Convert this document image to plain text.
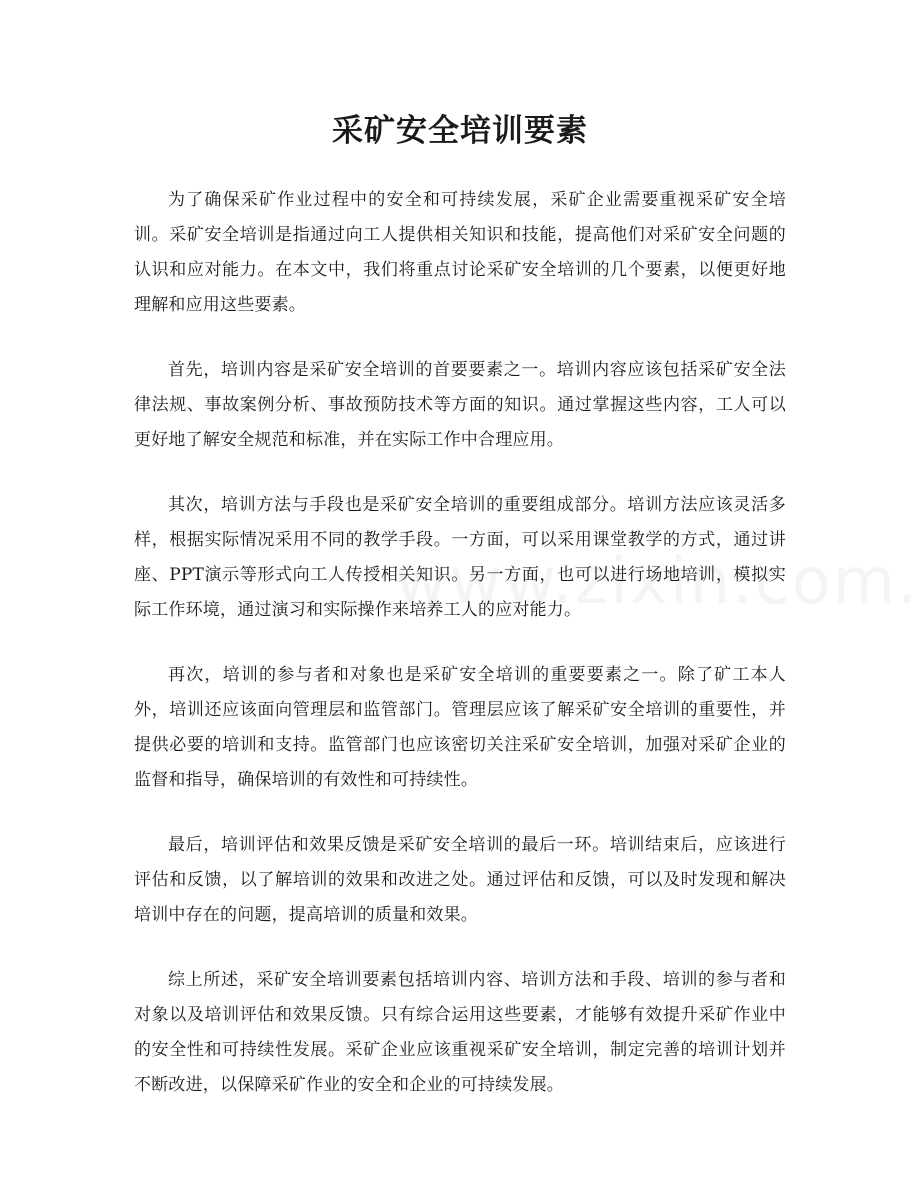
采矿安全培训要素

为了确保采矿作业过程中的安全和可持续发展，采矿企业需要重视采矿安全培训。采矿安全培训是指通过向工人提供相关知识和技能，提高他们对采矿安全问题的认识和应对能力。在本文中，我们将重点讨论采矿安全培训的几个要素，以便更好地理解和应用这些要素。

首先，培训内容是采矿安全培训的首要要素之一。培训内容应该包括采矿安全法律法规、事故案例分析、事故预防技术等方面的知识。通过掌握这些内容，工人可以更好地了解安全规范和标准，并在实际工作中合理应用。

其次，培训方法与手段也是采矿安全培训的重要组成部分。培训方法应该灵活多样，根据实际情况采用不同的教学手段。一方面，可以采用课堂教学的方式，通过讲座、PPT演示等形式向工人传授相关知识。另一方面，也可以进行场地培训，模拟实际工作环境，通过演习和实际操作来培养工人的应对能力。

再次，培训的参与者和对象也是采矿安全培训的重要要素之一。除了矿工本人外，培训还应该面向管理层和监管部门。管理层应该了解采矿安全培训的重要性，并提供必要的培训和支持。监管部门也应该密切关注采矿安全培训，加强对采矿企业的监督和指导，确保培训的有效性和可持续性。

最后，培训评估和效果反馈是采矿安全培训的最后一环。培训结束后，应该进行评估和反馈，以了解培训的效果和改进之处。通过评估和反馈，可以及时发现和解决培训中存在的问题，提高培训的质量和效果。

综上所述，采矿安全培训要素包括培训内容、培训方法和手段、培训的参与者和对象以及培训评估和效果反馈。只有综合运用这些要素，才能够有效提升采矿作业中的安全性和可持续性发展。采矿企业应该重视采矿安全培训，制定完善的培训计划并不断改进，以保障采矿作业的安全和企业的可持续发展。
